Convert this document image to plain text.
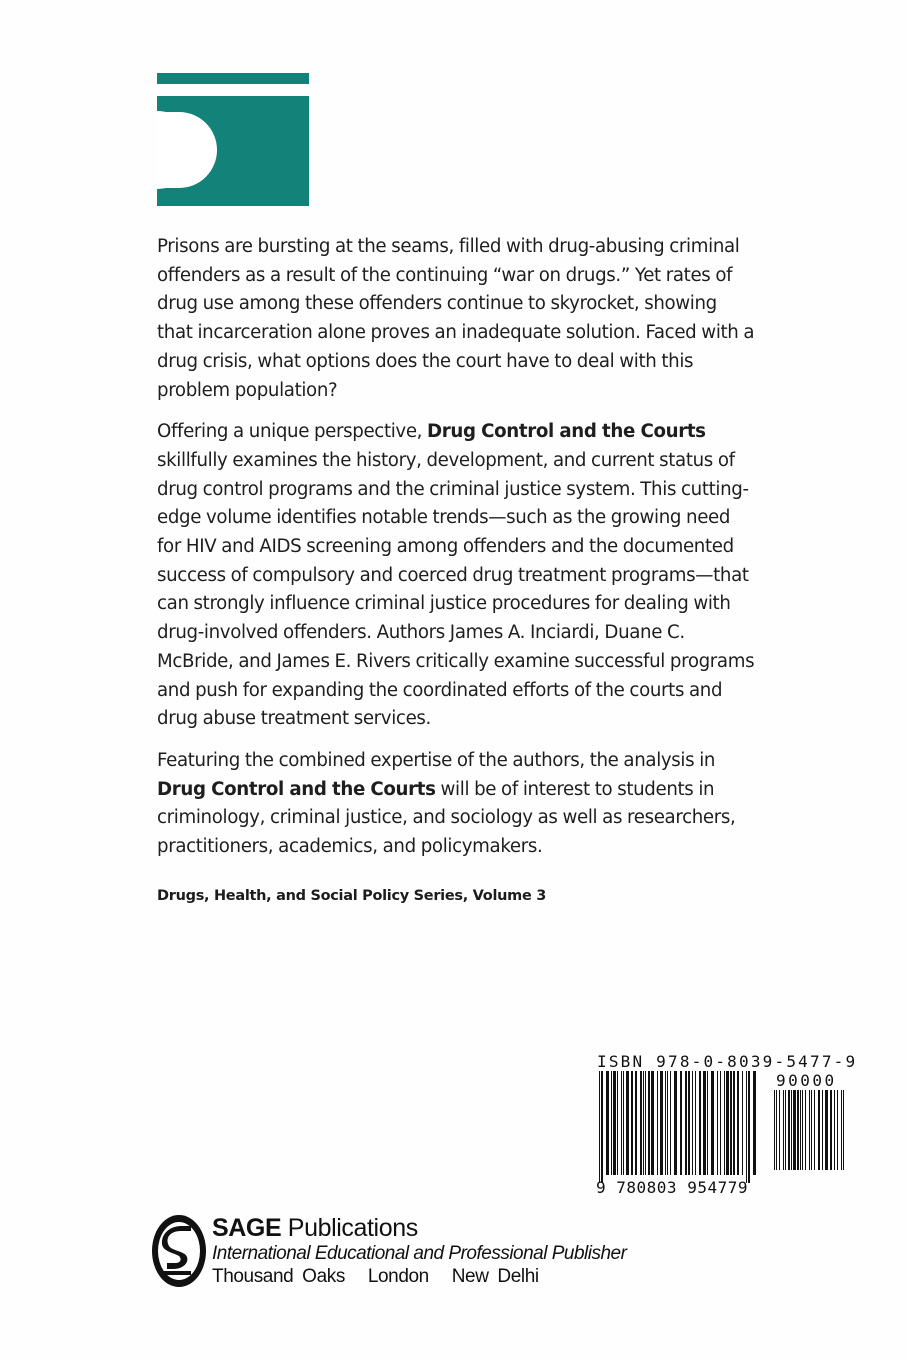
Prisons are bursting at the seams, filled with drug-abusing criminal offenders as a result of the continuing “war on drugs.” Yet rates of drug use among these offenders continue to skyrocket, showing that incarceration alone proves an inadequate solution. Faced with a drug crisis, what options does the court have to deal with this problem population?

Offering a unique perspective, Drug Control and the Courts skillfully examines the history, development, and current status of drug control programs and the criminal justice system. This cutting-edge volume identifies notable trends—such as the growing need for HIV and AIDS screening among offenders and the documented success of compulsory and coerced drug treatment programs—that can strongly influence criminal justice procedures for dealing with drug-involved offenders. Authors James A. Inciardi, Duane C. McBride, and James E. Rivers critically examine successful programs and push for expanding the coordinated efforts of the courts and drug abuse treatment services.

Featuring the combined expertise of the authors, the analysis in Drug Control and the Courts will be of interest to students in criminology, criminal justice, and sociology as well as researchers, practitioners, academics, and policymakers.

Drugs, Health, and Social Policy Series, Volume 3
ISBN 978-0-8039-5477-9
90000
9 780803 954779
SAGE Publications
International Educational and Professional Publisher
Thousand Oaks London New Delhi
